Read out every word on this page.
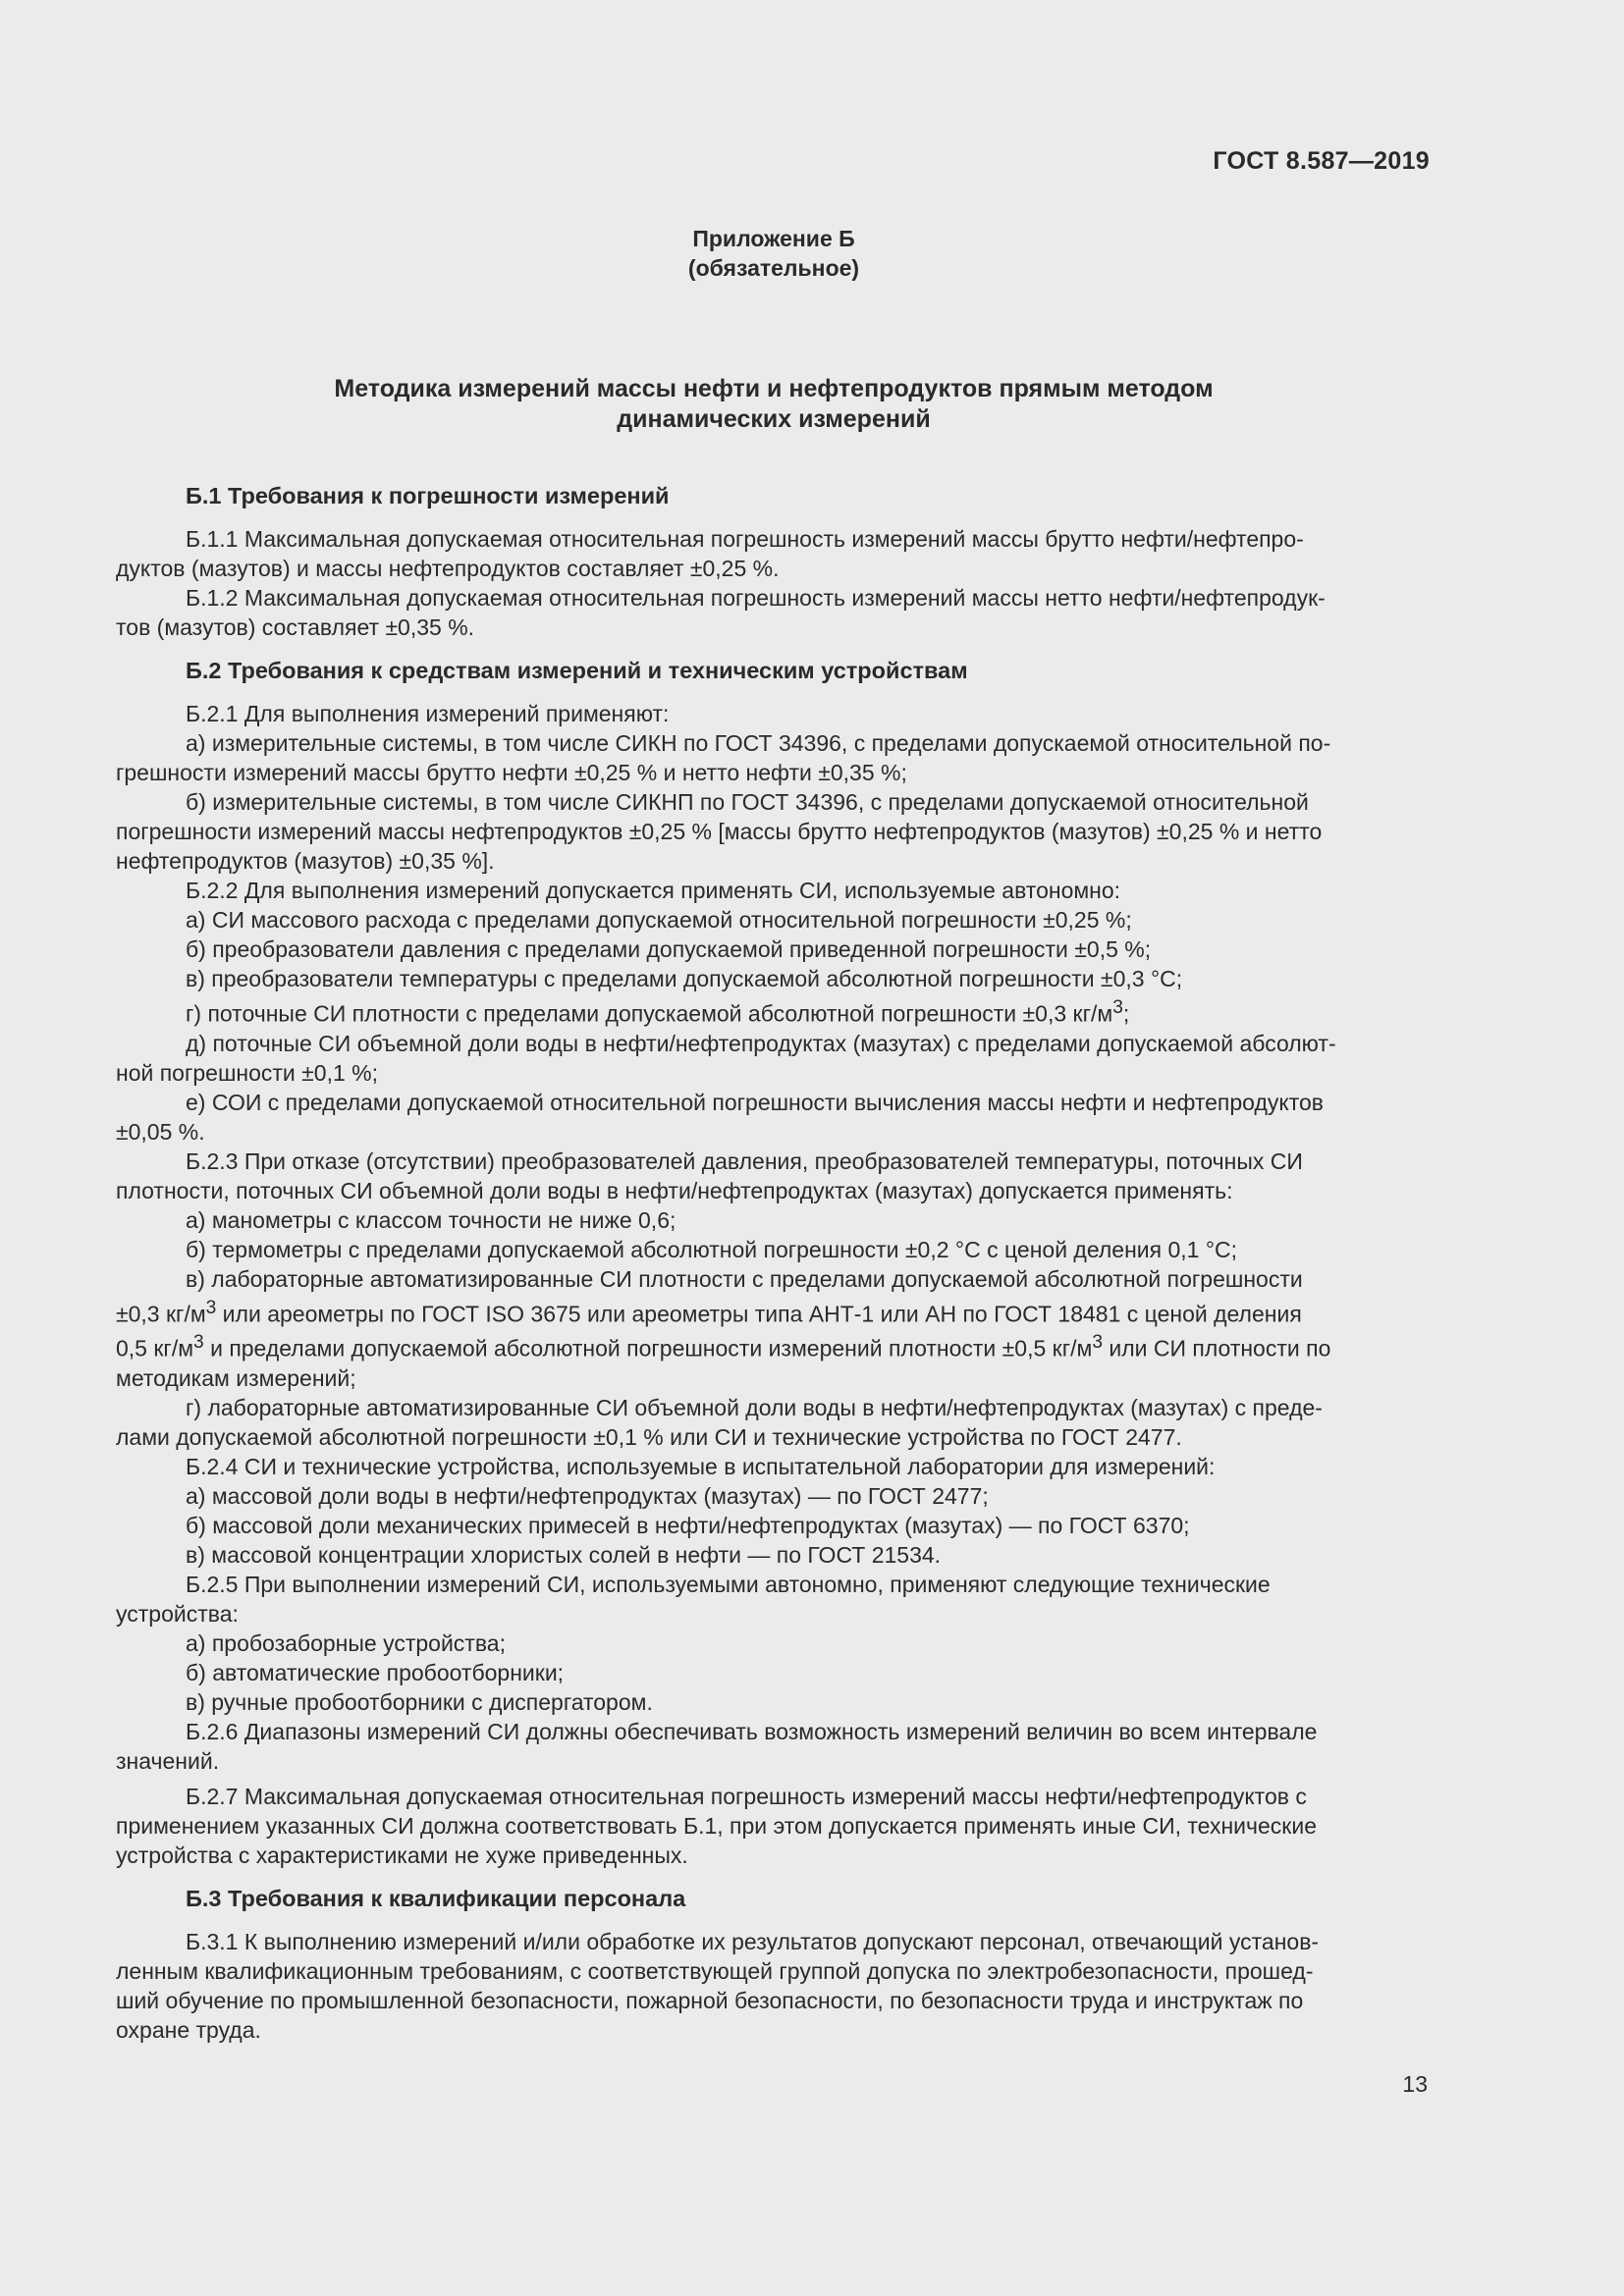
ГОСТ 8.587—2019
Приложение Б
(обязательное)
Методика измерений массы нефти и нефтепродуктов прямым методом
динамических измерений
Б.1 Требования к погрешности измерений
Б.1.1 Максимальная допускаемая относительная погрешность измерений массы брутто нефти/нефтепро-
дуктов (мазутов) и массы нефтепродуктов составляет ±0,25 %.
Б.1.2 Максимальная допускаемая относительная погрешность измерений массы нетто нефти/нефтепродук-
тов (мазутов) составляет ±0,35 %.
Б.2 Требования к средствам измерений и техническим устройствам
Б.2.1 Для выполнения измерений применяют:
а) измерительные системы, в том числе СИКН по ГОСТ 34396, с пределами допускаемой относительной по-
грешности измерений массы брутто нефти ±0,25 % и нетто нефти ±0,35 %;
б) измерительные системы, в том числе СИКНП по ГОСТ 34396, с пределами допускаемой относительной
погрешности измерений массы нефтепродуктов ±0,25 % [массы брутто нефтепродуктов (мазутов) ±0,25 % и нетто
нефтепродуктов (мазутов) ±0,35 %].
Б.2.2 Для выполнения измерений допускается применять СИ, используемые автономно:
а) СИ массового расхода с пределами допускаемой относительной погрешности ±0,25 %;
б) преобразователи давления с пределами допускаемой приведенной погрешности ±0,5 %;
в) преобразователи температуры с пределами допускаемой абсолютной погрешности ±0,3 °С;
г) поточные СИ плотности с пределами допускаемой абсолютной погрешности ±0,3 $кг/м^3$;
д) поточные СИ объемной доли воды в нефти/нефтепродуктах (мазутах) с пределами допускаемой абсолют-
ной погрешности ±0,1 %;
е) СОИ с пределами допускаемой относительной погрешности вычисления массы нефти и нефтепродуктов
±0,05 %.
Б.2.3 При отказе (отсутствии) преобразователей давления, преобразователей температуры, поточных СИ
плотности, поточных СИ объемной доли воды в нефти/нефтепродуктах (мазутах) допускается применять:
а) манометры с классом точности не ниже 0,6;
б) термометры с пределами допускаемой абсолютной погрешности ±0,2 °С с ценой деления 0,1 °С;
в) лабораторные автоматизированные СИ плотности с пределами допускаемой абсолютной погрешности
±0,3 $кг/м^3$ или ареометры по ГОСТ ISO 3675 или ареометры типа АНТ-1 или АН по ГОСТ 18481 с ценой деления
0,5 $кг/м^3$ и пределами допускаемой абсолютной погрешности измерений плотности ±0,5 $кг/м^3$ или СИ плотности по
методикам измерений;
г) лабораторные автоматизированные СИ объемной доли воды в нефти/нефтепродуктах (мазутах) с преде-
лами допускаемой абсолютной погрешности ±0,1 % или СИ и технические устройства по ГОСТ 2477.
Б.2.4 СИ и технические устройства, используемые в испытательной лаборатории для измерений:
а) массовой доли воды в нефти/нефтепродуктах (мазутах) — по ГОСТ 2477;
б) массовой доли механических примесей в нефти/нефтепродуктах (мазутах) — по ГОСТ 6370;
в) массовой концентрации хлористых солей в нефти — по ГОСТ 21534.
Б.2.5 При выполнении измерений СИ, используемыми автономно, применяют следующие технические
устройства:
а) пробозаборные устройства;
б) автоматические пробоотборники;
в) ручные пробоотборники с диспергатором.
Б.2.6 Диапазоны измерений СИ должны обеспечивать возможность измерений величин во всем интервале
значений.
Б.2.7 Максимальная допускаемая относительная погрешность измерений массы нефти/нефтепродуктов с
применением указанных СИ должна соответствовать Б.1, при этом допускается применять иные СИ, технические
устройства с характеристиками не хуже приведенных.
Б.3 Требования к квалификации персонала
Б.3.1 К выполнению измерений и/или обработке их результатов допускают персонал, отвечающий установ-
ленным квалификационным требованиям, с соответствующей группой допуска по электробезопасности, прошед-
ший обучение по промышленной безопасности, пожарной безопасности, по безопасности труда и инструктаж по
охране труда.
13
